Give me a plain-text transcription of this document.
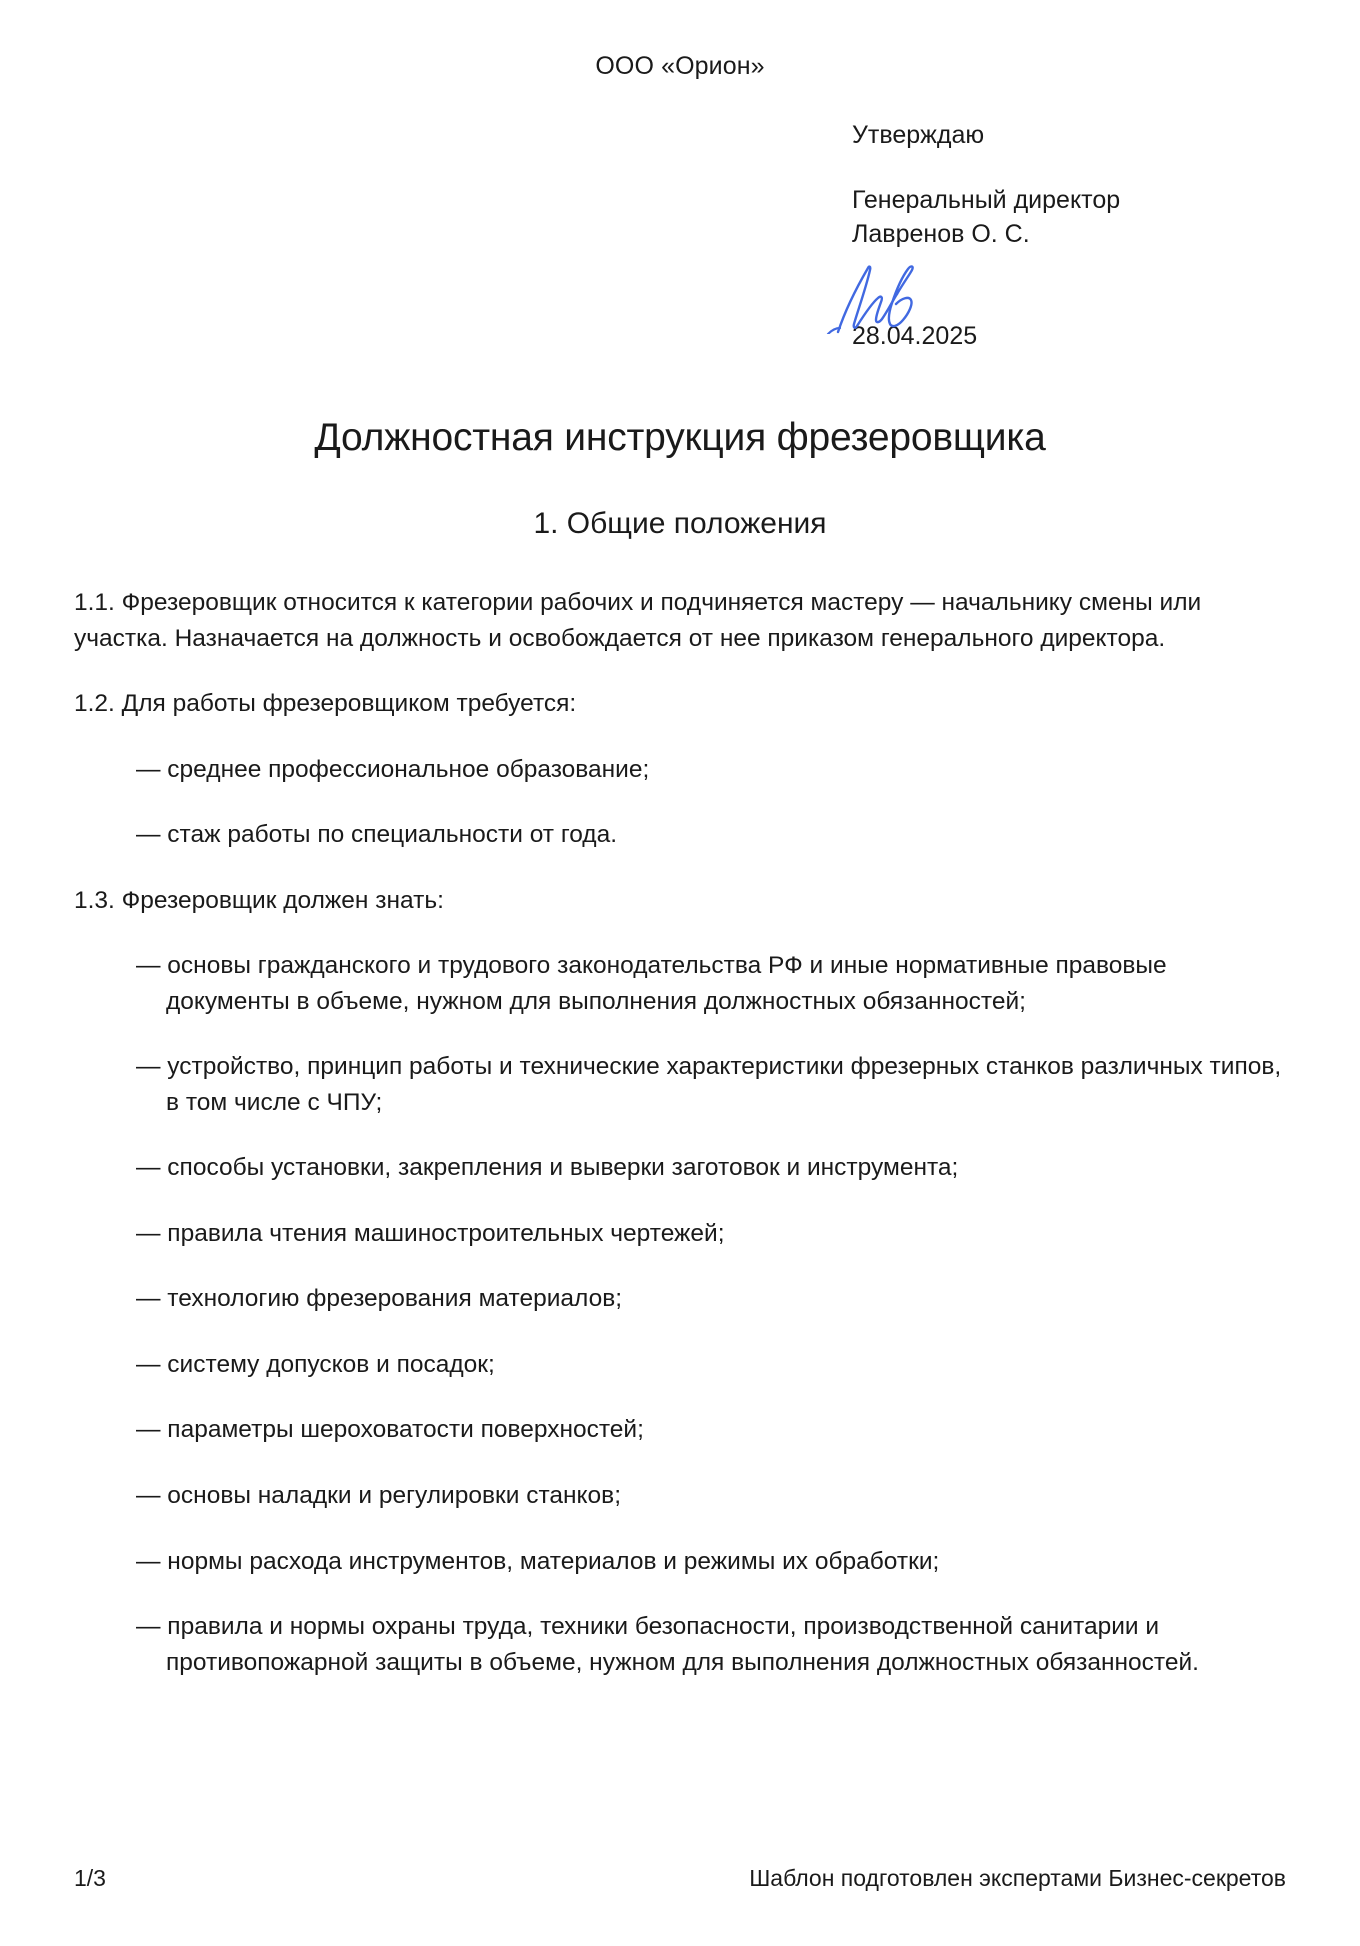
ООО «Орион»
Утверждаю
Генеральный директор
Лавренов О. С.
28.04.2025
Должностная инструкция фрезеровщика
1. Общие положения

1.1. Фрезеровщик относится к категории рабочих и подчиняется мастеру — начальнику смены или участка. Назначается на должность и освобождается от нее приказом генерального директора.

1.2. Для работы фрезеровщиком требуется:

— среднее профессиональное образование;
— стаж работы по специальности от года.

1.3. Фрезеровщик должен знать:

— основы гражданского и трудового законодательства РФ и иные нормативные правовые документы в объеме, нужном для выполнения должностных обязанностей;
— устройство, принцип работы и технические характеристики фрезерных станков различных типов, в том числе с ЧПУ;
— способы установки, закрепления и выверки заготовок и инструмента;
— правила чтения машиностроительных чертежей;
— технологию фрезерования материалов;
— систему допусков и посадок;
— параметры шероховатости поверхностей;
— основы наладки и регулировки станков;
— нормы расхода инструментов, материалов и режимы их обработки;
— правила и нормы охраны труда, техники безопасности, производственной санитарии и противопожарной защиты в объеме, нужном для выполнения должностных обязанностей.
1/3	Шаблон подготовлен экспертами Бизнес-секретов
